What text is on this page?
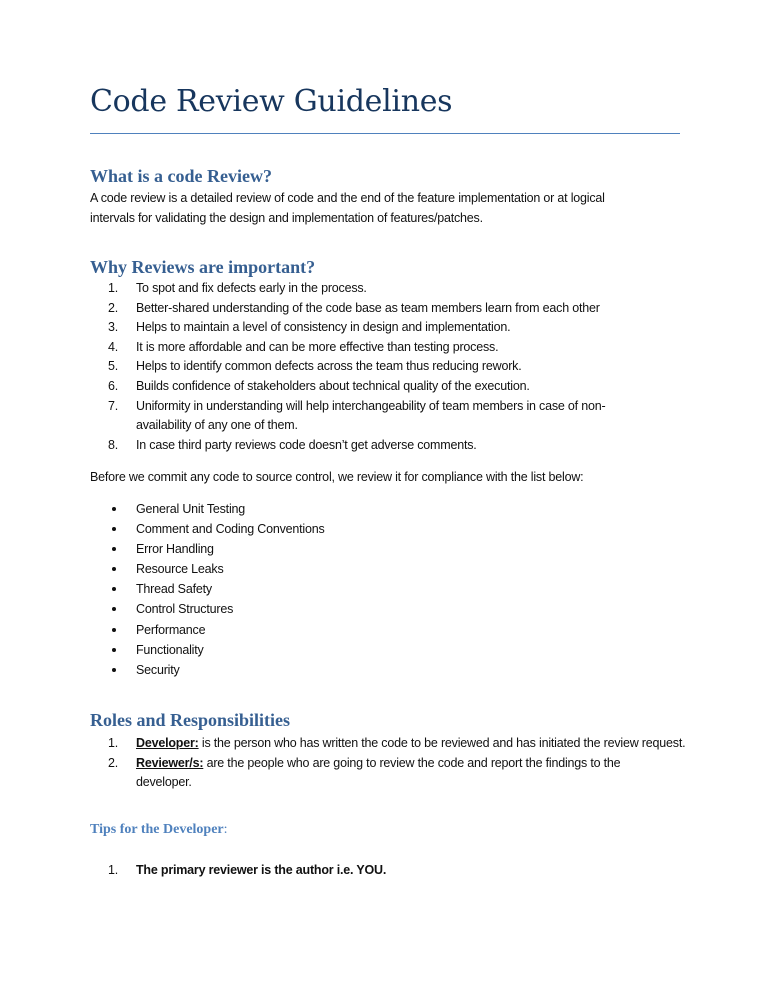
Code Review Guidelines
What is a code Review?
A code review is a detailed review of code and the end of the feature implementation or at logical intervals for validating the design and implementation of features/patches.
Why Reviews are important?
1. To spot and fix defects early in the process.
2. Better-shared understanding of the code base as team members learn from each other
3. Helps to maintain a level of consistency in design and implementation.
4. It is more affordable and can be more effective than testing process.
5. Helps to identify common defects across the team thus reducing rework.
6. Builds confidence of stakeholders about technical quality of the execution.
7. Uniformity in understanding will help interchangeability of team members in case of non-availability of any one of them.
8. In case third party reviews code doesn’t get adverse comments.
Before we commit any code to source control, we review it for compliance with the list below:
General Unit Testing
Comment and Coding Conventions
Error Handling
Resource Leaks
Thread Safety
Control Structures
Performance
Functionality
Security
Roles and Responsibilities
1. Developer: is the person who has written the code to be reviewed and has initiated the review request.
2. Reviewer/s: are the people who are going to review the code and report the findings to the developer.
Tips for the Developer:
1. The primary reviewer is the author i.e. YOU.
